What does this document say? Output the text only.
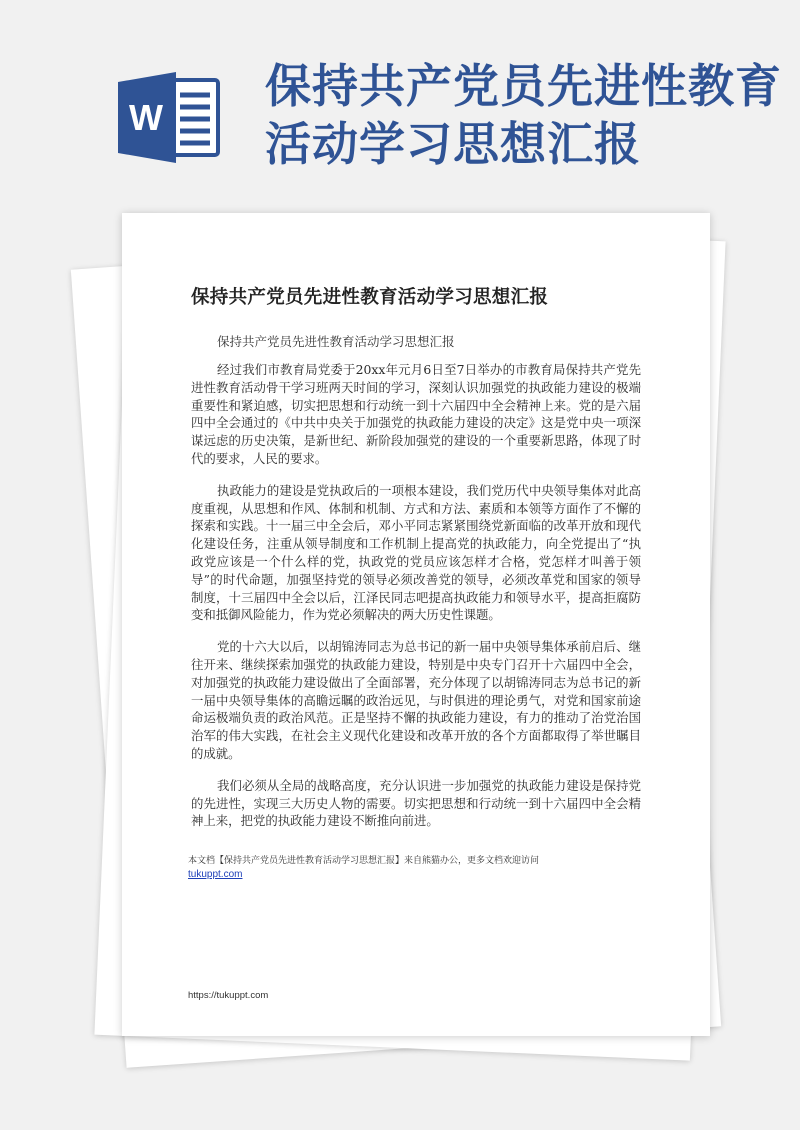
W
保持共产党员先进性教育活动学习思想汇报
保持共产党员先进性教育活动学习思想汇报
保持共产党员先进性教育活动学习思想汇报

经过我们市教育局党委于20xx年元月6日至7日举办的市教育局保持共产党先进性教育活动骨干学习班两天时间的学习，深刻认识加强党的执政能力建设的极端重要性和紧迫感，切实把思想和行动统一到十六届四中全会精神上来。党的是六届四中全会通过的《中共中央关于加强党的执政能力建设的决定》这是党中央一项深谋远虑的历史决策，是新世纪、新阶段加强党的建设的一个重要新思路，体现了时代的要求，人民的要求。

执政能力的建设是党执政后的一项根本建设，我们党历代中央领导集体对此高度重视，从思想和作风、体制和机制、方式和方法、素质和本领等方面作了不懈的探索和实践。十一届三中全会后，邓小平同志紧紧围绕党新面临的改革开放和现代化建设任务，注重从领导制度和工作机制上提高党的执政能力，向全党提出了“执政党应该是一个什么样的党，执政党的党员应该怎样才合格，党怎样才叫善于领导”的时代命题，加强坚持党的领导必须改善党的领导，必须改革党和国家的领导制度，十三届四中全会以后，江泽民同志吧提高执政能力和领导水平，提高拒腐防变和抵御风险能力，作为党必须解决的两大历史性课题。

党的十六大以后，以胡锦涛同志为总书记的新一届中央领导集体承前启后、继往开来、继续探索加强党的执政能力建设，特别是中央专门召开十六届四中全会，对加强党的执政能力建设做出了全面部署，充分体现了以胡锦涛同志为总书记的新一届中央领导集体的高瞻远瞩的政治远见，与时俱进的理论勇气，对党和国家前途命运极端负责的政治风范。正是坚持不懈的执政能力建设，有力的推动了治党治国治军的伟大实践，在社会主义现代化建设和改革开放的各个方面都取得了举世瞩目的成就。

我们必须从全局的战略高度，充分认识进一步加强党的执政能力建设是保持党的先进性，实现三大历史人物的需要。切实把思想和行动统一到十六届四中全会精神上来，把党的执政能力建设不断推向前进。

本文档【保持共产党员先进性教育活动学习思想汇报】来自熊猫办公，更多文档欢迎访问
tukuppt.com
https://tukuppt.com
